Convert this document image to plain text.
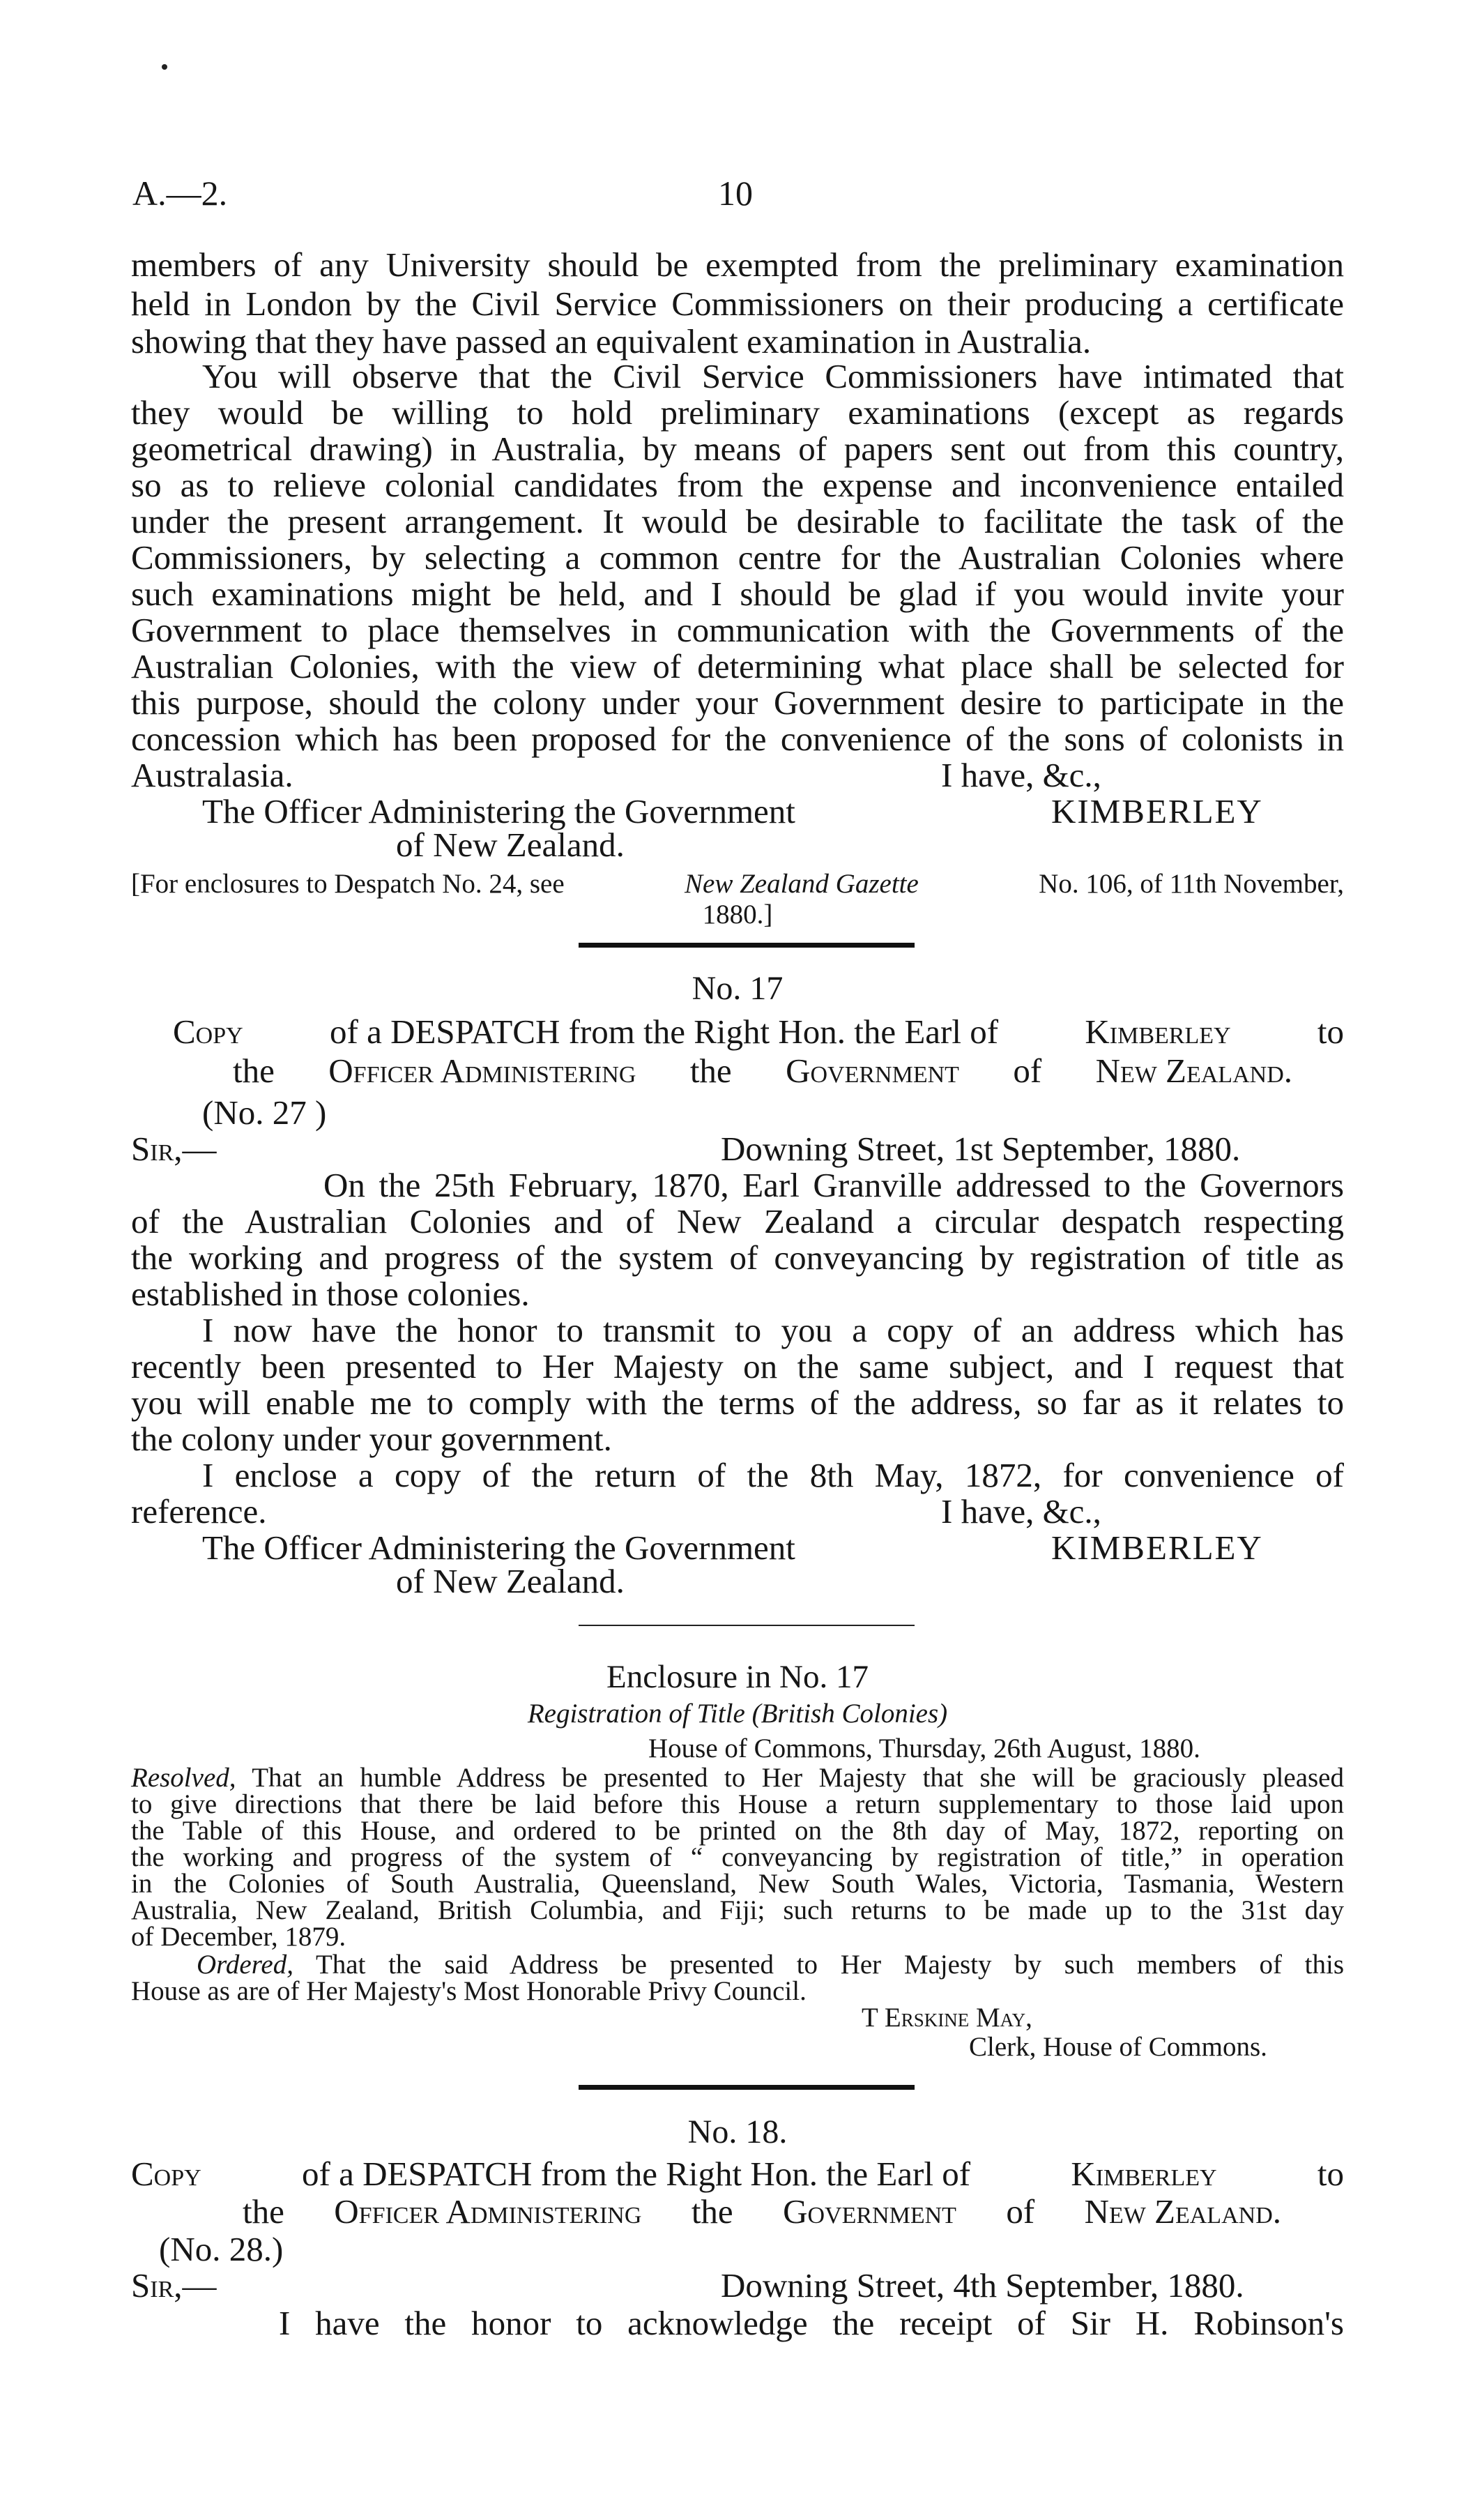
A.—2.	10
members of any University should be exempted from the preliminary examination
held in London by the Civil Service Commissioners on their producing a certificate
showing that they have passed an equivalent examination in Australia.
You will observe that the Civil Service Commissioners have intimated that
they would be willing to hold preliminary examinations (except as regards
geometrical drawing) in Australia, by means of papers sent out from this country,
so as to relieve colonial candidates from the expense and inconvenience entailed
under the present arrangement. It would be desirable to facilitate the task of the
Commissioners, by selecting a common centre for the Australian Colonies where
such examinations might be held, and I should be glad if you would invite your
Government to place themselves in communication with the Governments of the
Australian Colonies, with the view of determining what place shall be selected for
this purpose, should the colony under your Government desire to participate in the
concession which has been proposed for the convenience of the sons of colonists in
Australasia.	I have, &c.,
The Officer Administering the Government	KIMBERLEY
of New Zealand.
[For enclosures to Despatch No. 24, see	New Zealand Gazette	No. 106, of 11th November,
1880.]
No. 17
Copy	of a DESPATCH from the Right Hon. the Earl of	Kimberley	to
the Officer Administering the Government of New Zealand.
(No. 27 )
Sir,—	Downing Street, 1st September, 1880.
On the 25th February, 1870, Earl Granville addressed to the Governors
of the Australian Colonies and of New Zealand a circular despatch respecting
the working and progress of the system of conveyancing by registration of title as
established in those colonies.
I now have the honor to transmit to you a copy of an address which has
recently been presented to Her Majesty on the same subject, and I request that
you will enable me to comply with the terms of the address, so far as it relates to
the colony under your government.
I enclose a copy of the return of the 8th May, 1872, for convenience of
reference.	I have, &c.,
The Officer Administering the Government	KIMBERLEY
of New Zealand.
Enclosure in No. 17
Registration of Title (British Colonies)
House of Commons, Thursday, 26th August, 1880.
Resolved, That an humble Address be presented to Her Majesty that she will be graciously pleased
to give directions that there be laid before this House a return supplementary to those laid upon
the Table of this House, and ordered to be printed on the 8th day of May, 1872, reporting on
the working and progress of the system of “ conveyancing by registration of title,” in operation
in the Colonies of South Australia, Queensland, New South Wales, Victoria, Tasmania, Western
Australia, New Zealand, British Columbia, and Fiji; such returns to be made up to the 31st day
of December, 1879.
Ordered, That the said Address be presented to Her Majesty by such members of this
House as are of Her Majesty's Most Honorable Privy Council.
T Erskine May,
Clerk, House of Commons.
No. 18.
Copy	of a DESPATCH from the Right Hon. the Earl of	Kimberley	to
the Officer Administering the Government of New Zealand.
(No. 28.)
Sir,—	Downing Street, 4th September, 1880.
I have the honor to acknowledge the receipt of Sir H. Robinson's
